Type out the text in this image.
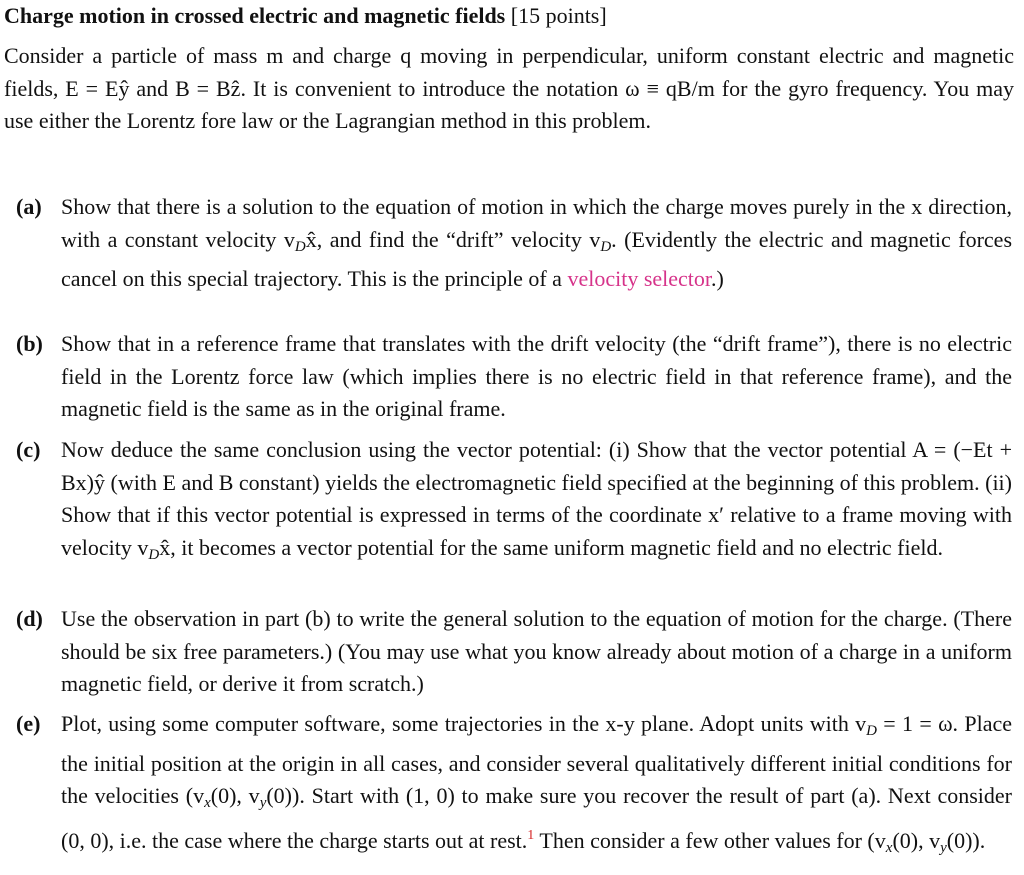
Charge motion in crossed electric and magnetic fields [15 points]
Consider a particle of mass m and charge q moving in perpendicular, uniform constant electric and magnetic fields, E = Eŷ and B = Bẑ. It is convenient to introduce the notation ω ≡ qB/m for the gyro frequency. You may use either the Lorentz fore law or the Lagrangian method in this problem.
(a) Show that there is a solution to the equation of motion in which the charge moves purely in the x direction, with a constant velocity $v_Dx̂$, and find the “drift” velocity $v_D$. (Evidently the electric and magnetic forces cancel on this special trajectory. This is the principle of a velocity selector.)
(b) Show that in a reference frame that translates with the drift velocity (the “drift frame”), there is no electric field in the Lorentz force law (which implies there is no electric field in that reference frame), and the magnetic field is the same as in the original frame.
(c) Now deduce the same conclusion using the vector potential: (i) Show that the vector potential A = (−Et + Bx)ŷ (with E and B constant) yields the electromagnetic field specified at the beginning of this problem. (ii) Show that if this vector potential is expressed in terms of the coordinate x′ relative to a frame moving with velocity $v_Dx̂$, it becomes a vector potential for the same uniform magnetic field and no electric field.
(d) Use the observation in part (b) to write the general solution to the equation of motion for the charge. (There should be six free parameters.) (You may use what you know already about motion of a charge in a uniform magnetic field, or derive it from scratch.)
(e) Plot, using some computer software, some trajectories in the x-y plane. Adopt units with $v_D = 1 = \omega$. Place the initial position at the origin in all cases, and consider several qualitatively different initial conditions for the velocities ($v_x(0)$, $v_y(0)$). Start with (1, 0) to make sure you recover the result of part (a). Next consider (0, 0), i.e. the case where the charge starts out at rest.$^1$ Then consider a few other values for ($v_x(0)$, $v_y(0)$).
